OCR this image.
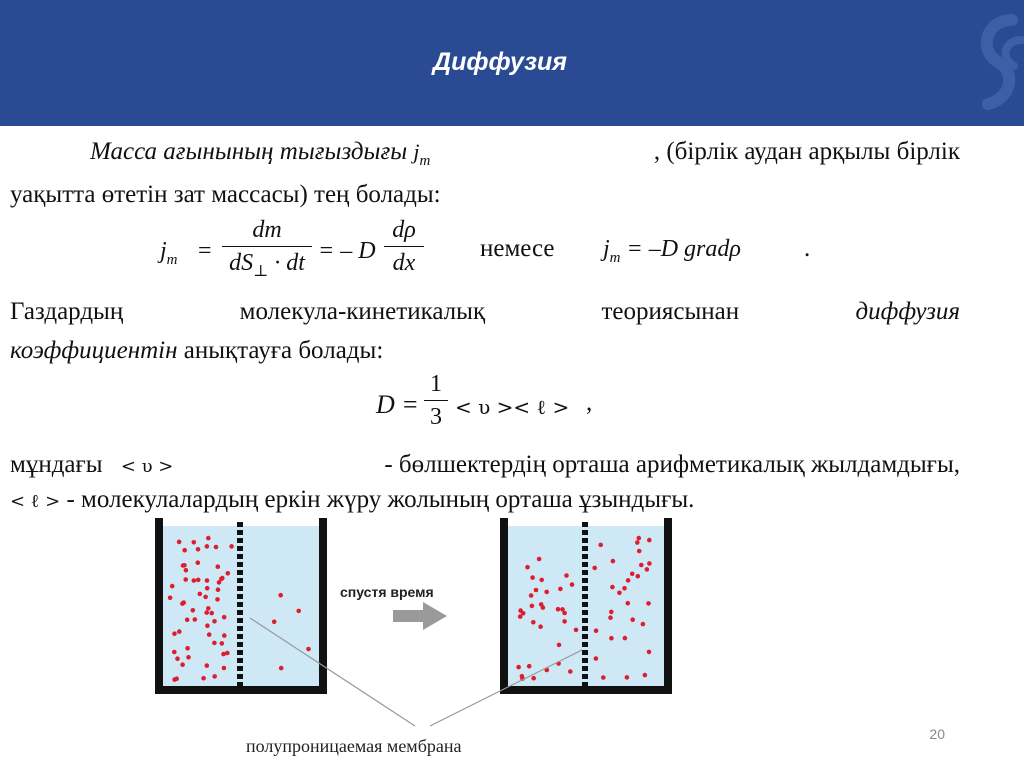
Диффузия
Масса ағынының тығыздығы $j_m$	, (бірлік аудан арқылы бірлік
уақытта өтетін зат массасы) тең болады:
$j_m$ =
dm
$dS_\perp$ · dt = – D
dρ
dx
немесе $j_m = -D$ gradρ	.
Газдардың	молекула-кинетикалық	теориясынан	диффузия
коэффициентін анықтауға болады:
D =
1
3 < υ >< ℓ > ,
мұндағы < υ >	- бөлшектердің орташа арифметикалық жылдамдығы,
< ℓ > - молекулалардың еркін жүру жолының орташа ұзындығы.
спустя время
полупроницаемая мембрана
20
